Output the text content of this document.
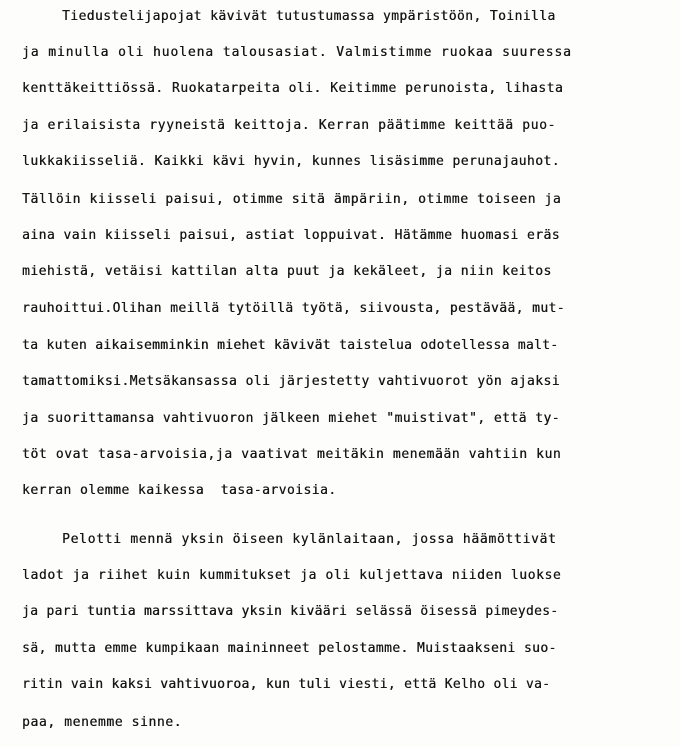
Tiedustelijapojat kävivät tutustumassa ympäristöön, Toinilla
ja minulla oli huolena talousasiat. Valmistimme ruokaa suuressa
kenttäkeittiössä. Ruokatarpeita oli. Keitimme perunoista, lihasta
ja erilaisista ryyneistä keittoja. Kerran päätimme keittää puo-
lukkakiisseliä. Kaikki kävi hyvin, kunnes lisäsimme perunajauhot.
Tällöin kiisseli paisui, otimme sitä ämpäriin, otimme toiseen ja
aina vain kiisseli paisui, astiat loppuivat. Hätämme huomasi eräs
miehistä, vetäisi kattilan alta puut ja kekäleet, ja niin keitos
rauhoittui.Olihan meillä tytöillä työtä, siivousta, pestävää, mut-
ta kuten aikaisemminkin miehet kävivät taistelua odotellessa malt-
tamattomiksi.Metsäkansassa oli järjestetty vahtivuorot yön ajaksi
ja suorittamansa vahtivuoron jälkeen miehet "muistivat", että ty-
töt ovat tasa-arvoisia,ja vaativat meitäkin menemään vahtiin kun
kerran olemme kaikessa  tasa-arvoisia.
Pelotti mennä yksin öiseen kylänlaitaan, jossa häämöttivät
ladot ja riihet kuin kummitukset ja oli kuljettava niiden luokse
ja pari tuntia marssittava yksin kivääri selässä öisessä pimeydes-
sä, mutta emme kumpikaan maininneet pelostamme. Muistaakseni suo-
ritin vain kaksi vahtivuoroa, kun tuli viesti, että Kelho oli va-
paa, menemme sinne.
